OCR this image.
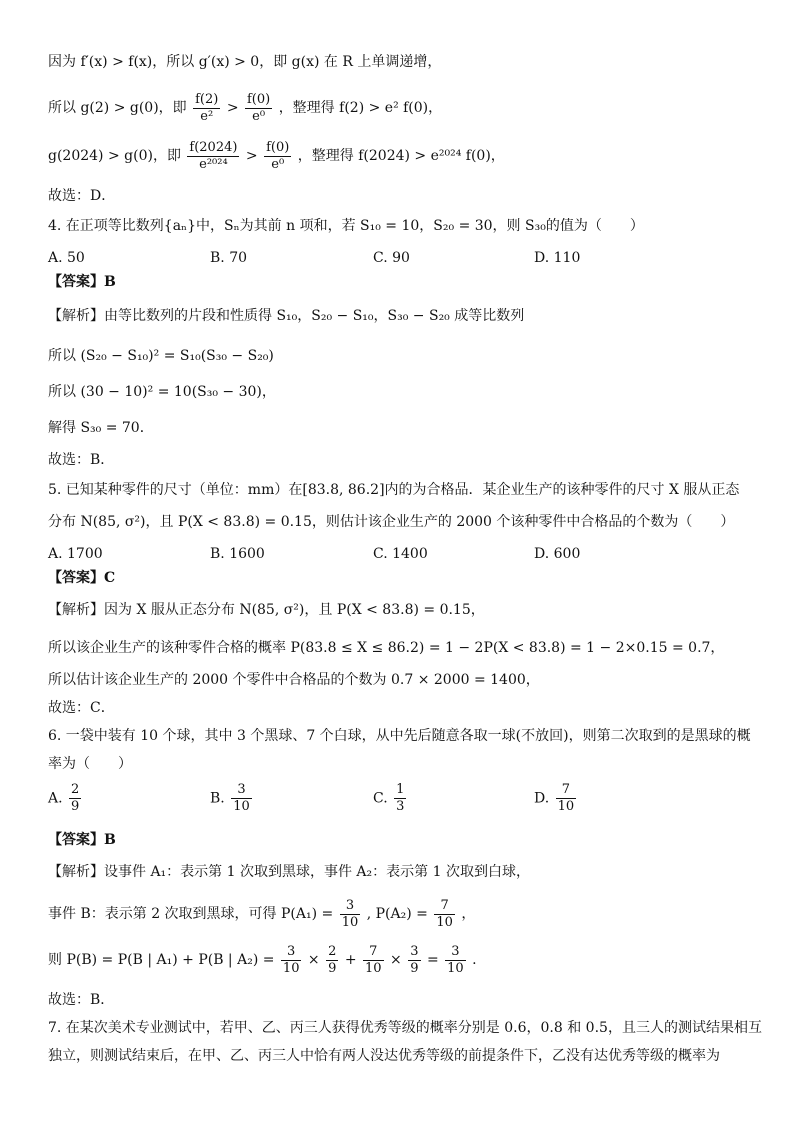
因为 f′(x) > f(x)，所以 g′(x) > 0，即 g(x) 在 R 上单调递增，
所以 g(2) > g(0)，即 $\frac{f(2)}{\text{e²}} > \frac{f(0)}{\text{e⁰}}$ ，整理得 f(2) > e² f(0)，
g(2024) > g(0)，即 $\frac{f(2024)}{\text{e²⁰²⁴}} > \frac{f(0)}{\text{e⁰}}$ ，整理得 f(2024) > e²⁰²⁴ f(0)，
故选：D．
4. 在正项等比数列{aₙ}中，Sₙ为其前 n 项和，若 S₁₀ = 10，S₂₀ = 30，则 S₃₀的值为（　　）
A. 50	B. 70	C. 90	D. 110
【答案】B
【解析】由等比数列的片段和性质得 S₁₀，S₂₀ − S₁₀，S₃₀ − S₂₀ 成等比数列
所以 (S₂₀ − S₁₀)² = S₁₀(S₃₀ − S₂₀)
所以 (30 − 10)² = 10(S₃₀ − 30)，
解得 S₃₀ = 70．
故选：B．
5. 已知某种零件的尺寸（单位：mm）在[83.8, 86.2]内的为合格品．某企业生产的该种零件的尺寸 X 服从正态
分布 N(85, σ²)，且 P(X < 83.8) = 0.15，则估计该企业生产的 2000 个该种零件中合格品的个数为（　　）
A. 1700	B. 1600	C. 1400	D. 600
【答案】C
【解析】因为 X 服从正态分布 N(85, σ²)，且 P(X < 83.8) = 0.15，
所以该企业生产的该种零件合格的概率 P(83.8 ≤ X ≤ 86.2) = 1 − 2P(X < 83.8) = 1 − 2×0.15 = 0.7，
所以估计该企业生产的 2000 个零件中合格品的个数为 0.7 × 2000 = 1400，
故选：C．
6. 一袋中装有 10 个球，其中 3 个黑球、7 个白球，从中先后随意各取一球(不放回)，则第二次取到的是黑球的概
率为（　　）
A. $\frac{2}{9}$	B. $\frac{3}{10}$	C. $\frac{1}{3}$	D. $\frac{7}{10}$
【答案】B
【解析】设事件 A₁：表示第 1 次取到黑球，事件 A₂：表示第 1 次取到白球，
事件 B：表示第 2 次取到黑球，可得 $P(A_1) = \frac{3}{10}$ , $P(A_2) = \frac{7}{10}$ ，
则 P(B) = P(B | A₁) + P(B | $A_2) = \frac{3}{10} \times \frac{2}{9} + \frac{7}{10} \times \frac{3}{9} = \frac{3}{10}$ .
故选：B．
7. 在某次美术专业测试中，若甲、乙、丙三人获得优秀等级的概率分别是 0.6，0.8 和 0.5，且三人的测试结果相互
独立，则测试结束后，在甲、乙、丙三人中恰有两人没达优秀等级的前提条件下，乙没有达优秀等级的概率为
